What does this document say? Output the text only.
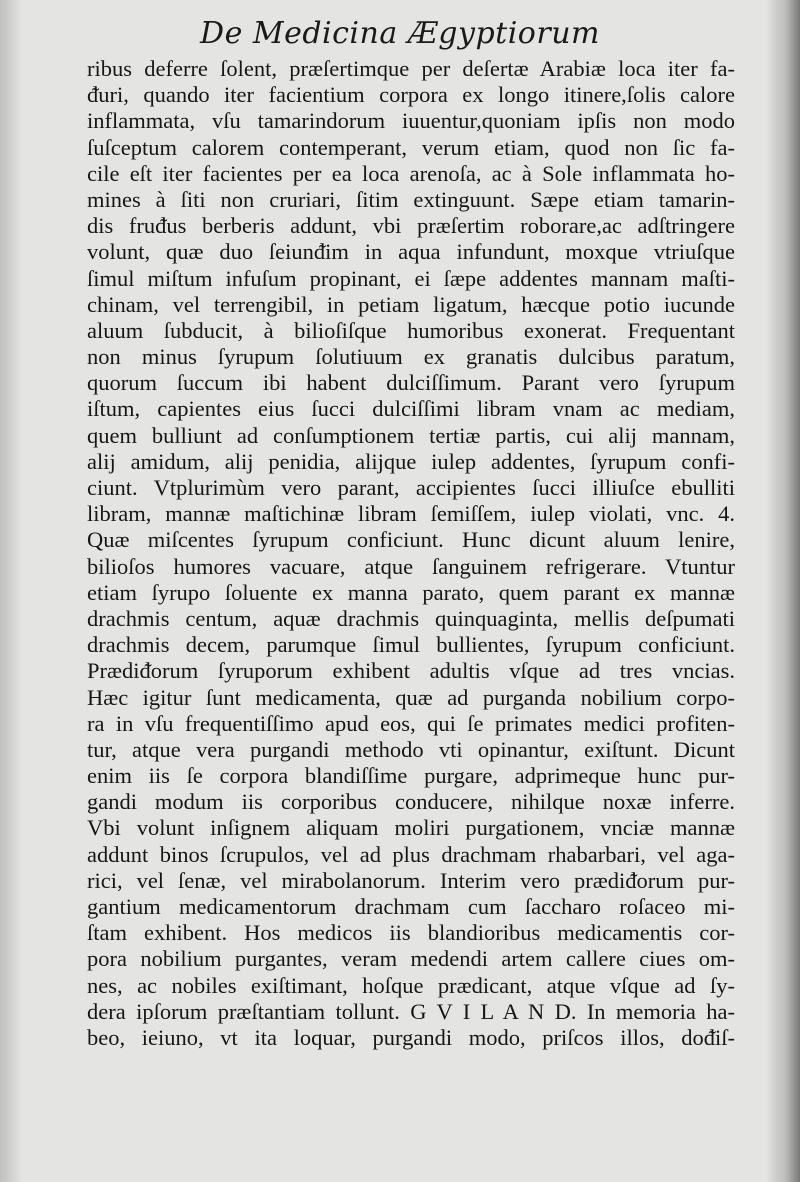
De Medicina Ægyptiorum
ribus deferre ſolent, præſertimque per deſertæ Arabiæ loca iter fa-
ᵭuri, quando iter facientium corpora ex longo itinere,ſolis calore
inflammata, vſu tamarindorum iuuentur,quoniam ipſis non modo
ſuſceptum calorem contemperant, verum etiam, quod non ſic fa-
cile eſt iter facientes per ea loca arenoſa, ac à Sole inflammata ho-
mines à ſiti non cruriari, ſitim extinguunt. Sæpe etiam tamarin-
dis fruᵭus berberis addunt, vbi præſertim roborare,ac adſtringere
volunt, quæ duo ſeiunᵭim in aqua infundunt, moxque vtriuſque
ſimul miſtum infuſum propinant, ei ſæpe addentes mannam maſti-
chinam, vel terrengibil, in petiam ligatum, hæcque potio iucunde
aluum ſubducit, à bilioſiſque humoribus exonerat. Frequentant
non minus ſyrupum ſolutiuum ex granatis dulcibus paratum,
quorum ſuccum ibi habent dulciſſimum. Parant vero ſyrupum
iſtum, capientes eius ſucci dulciſſimi libram vnam ac mediam,
quem bulliunt ad conſumptionem tertiæ partis, cui alij mannam,
alij amidum, alij penidia, alijque iulep addentes, ſyrupum confi-
ciunt. Vtplurimùm vero parant, accipientes ſucci illiuſce ebulliti
libram, mannæ maſtichinæ libram ſemiſſem, iulep violati, vnc. 4.
Quæ miſcentes ſyrupum conficiunt. Hunc dicunt aluum lenire,
bilioſos humores vacuare, atque ſanguinem refrigerare. Vtuntur
etiam ſyrupo ſoluente ex manna parato, quem parant ex mannæ
drachmis centum, aquæ drachmis quinquaginta, mellis deſpumati
drachmis decem, parumque ſimul bullientes, ſyrupum conficiunt.
Prædiᵭorum ſyruporum exhibent adultis vſque ad tres vncias.
Hæc igitur ſunt medicamenta, quæ ad purganda nobilium corpo-
ra in vſu frequentiſſimo apud eos, qui ſe primates medici profiten-
tur, atque vera purgandi methodo vti opinantur, exiſtunt. Dicunt
enim iis ſe corpora blandiſſime purgare, adprimeque hunc pur-
gandi modum iis corporibus conducere, nihilque noxæ inferre.
Vbi volunt inſignem aliquam moliri purgationem, vnciæ mannæ
addunt binos ſcrupulos, vel ad plus drachmam rhabarbari, vel aga-
rici, vel ſenæ, vel mirabolanorum. Interim vero prædiᵭorum pur-
gantium medicamentorum drachmam cum ſaccharo roſaceo mi-
ſtam exhibent. Hos medicos iis blandioribus medicamentis cor-
pora nobilium purgantes, veram medendi artem callere ciues om-
nes, ac nobiles exiſtimant, hoſque prædicant, atque vſque ad ſy-
dera ipſorum præſtantiam tollunt. G V I L A N D. In memoria ha-
beo, ieiuno, vt ita loquar, purgandi modo, priſcos illos, doᵭiſ-
